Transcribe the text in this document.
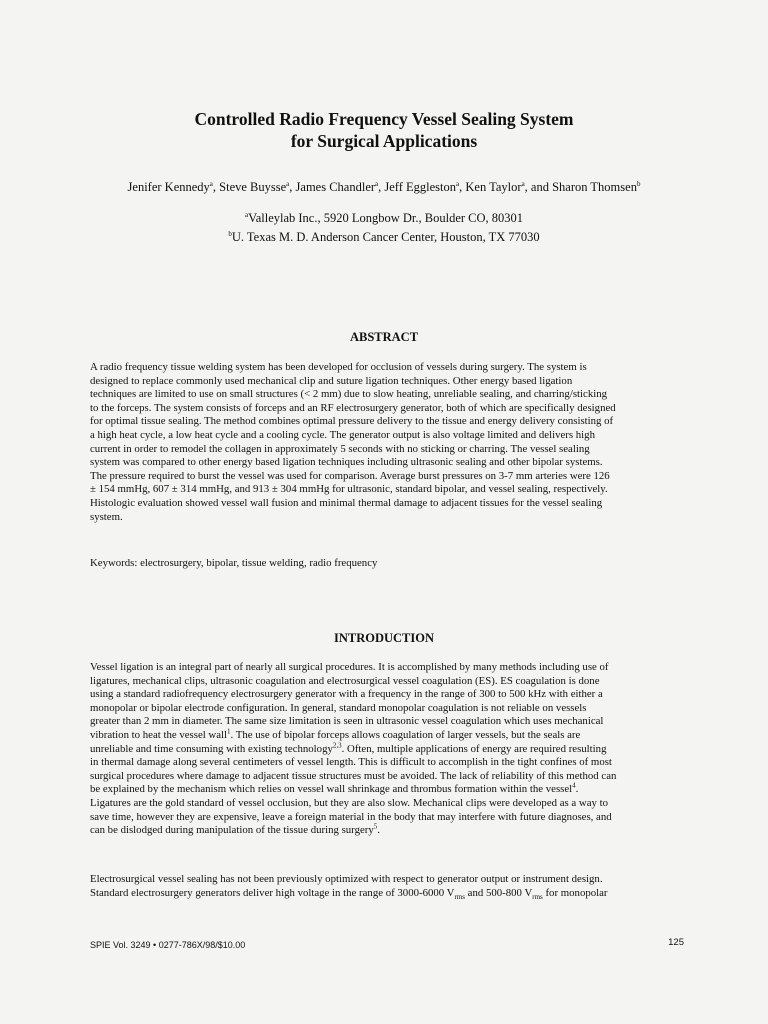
Controlled Radio Frequency Vessel Sealing System
for Surgical Applications
Jenifer Kennedy$^a$, Steve Buysse$^a$, James Chandler$^a$, Jeff Eggleston$^a$, Ken Taylor$^a$, and Sharon Thomsen$^b$
$^a$Valleylab Inc., 5920 Longbow Dr., Boulder CO, 80301
$^b$U. Texas M. D. Anderson Cancer Center, Houston, TX 77030
ABSTRACT
A radio frequency tissue welding system has been developed for occlusion of vessels during surgery. The system is
designed to replace commonly used mechanical clip and suture ligation techniques. Other energy based ligation
techniques are limited to use on small structures (< 2 mm) due to slow heating, unreliable sealing, and charring/sticking
to the forceps. The system consists of forceps and an RF electrosurgery generator, both of which are specifically designed
for optimal tissue sealing. The method combines optimal pressure delivery to the tissue and energy delivery consisting of
a high heat cycle, a low heat cycle and a cooling cycle. The generator output is also voltage limited and delivers high
current in order to remodel the collagen in approximately 5 seconds with no sticking or charring. The vessel sealing
system was compared to other energy based ligation techniques including ultrasonic sealing and other bipolar systems.
The pressure required to burst the vessel was used for comparison. Average burst pressures on 3-7 mm arteries were 126
± 154 mmHg, 607 ± 314 mmHg, and 913 ± 304 mmHg for ultrasonic, standard bipolar, and vessel sealing, respectively.
Histologic evaluation showed vessel wall fusion and minimal thermal damage to adjacent tissues for the vessel sealing
system.
Keywords: electrosurgery, bipolar, tissue welding, radio frequency
INTRODUCTION
Vessel ligation is an integral part of nearly all surgical procedures. It is accomplished by many methods including use of
ligatures, mechanical clips, ultrasonic coagulation and electrosurgical vessel coagulation (ES). ES coagulation is done
using a standard radiofrequency electrosurgery generator with a frequency in the range of 300 to 500 kHz with either a
monopolar or bipolar electrode configuration. In general, standard monopolar coagulation is not reliable on vessels
greater than 2 mm in diameter. The same size limitation is seen in ultrasonic vessel coagulation which uses mechanical
vibration to heat the vessel wall$^1$. The use of bipolar forceps allows coagulation of larger vessels, but the seals are
unreliable and time consuming with existing technology$^{2,3}$. Often, multiple applications of energy are required resulting
in thermal damage along several centimeters of vessel length. This is difficult to accomplish in the tight confines of most
surgical procedures where damage to adjacent tissue structures must be avoided. The lack of reliability of this method can
be explained by the mechanism which relies on vessel wall shrinkage and thrombus formation within the vessel$^4$.
Ligatures are the gold standard of vessel occlusion, but they are also slow. Mechanical clips were developed as a way to
save time, however they are expensive, leave a foreign material in the body that may interfere with future diagnoses, and
can be dislodged during manipulation of the tissue during surgery$^5$.
Electrosurgical vessel sealing has not been previously optimized with respect to generator output or instrument design.
Standard electrosurgery generators deliver high voltage in the range of 3000-6000 $V_{rms}$ and 500-800 $V_{rms}$ for monopolar
SPIE Vol. 3249 • 0277-786X/98/$10.00	125
